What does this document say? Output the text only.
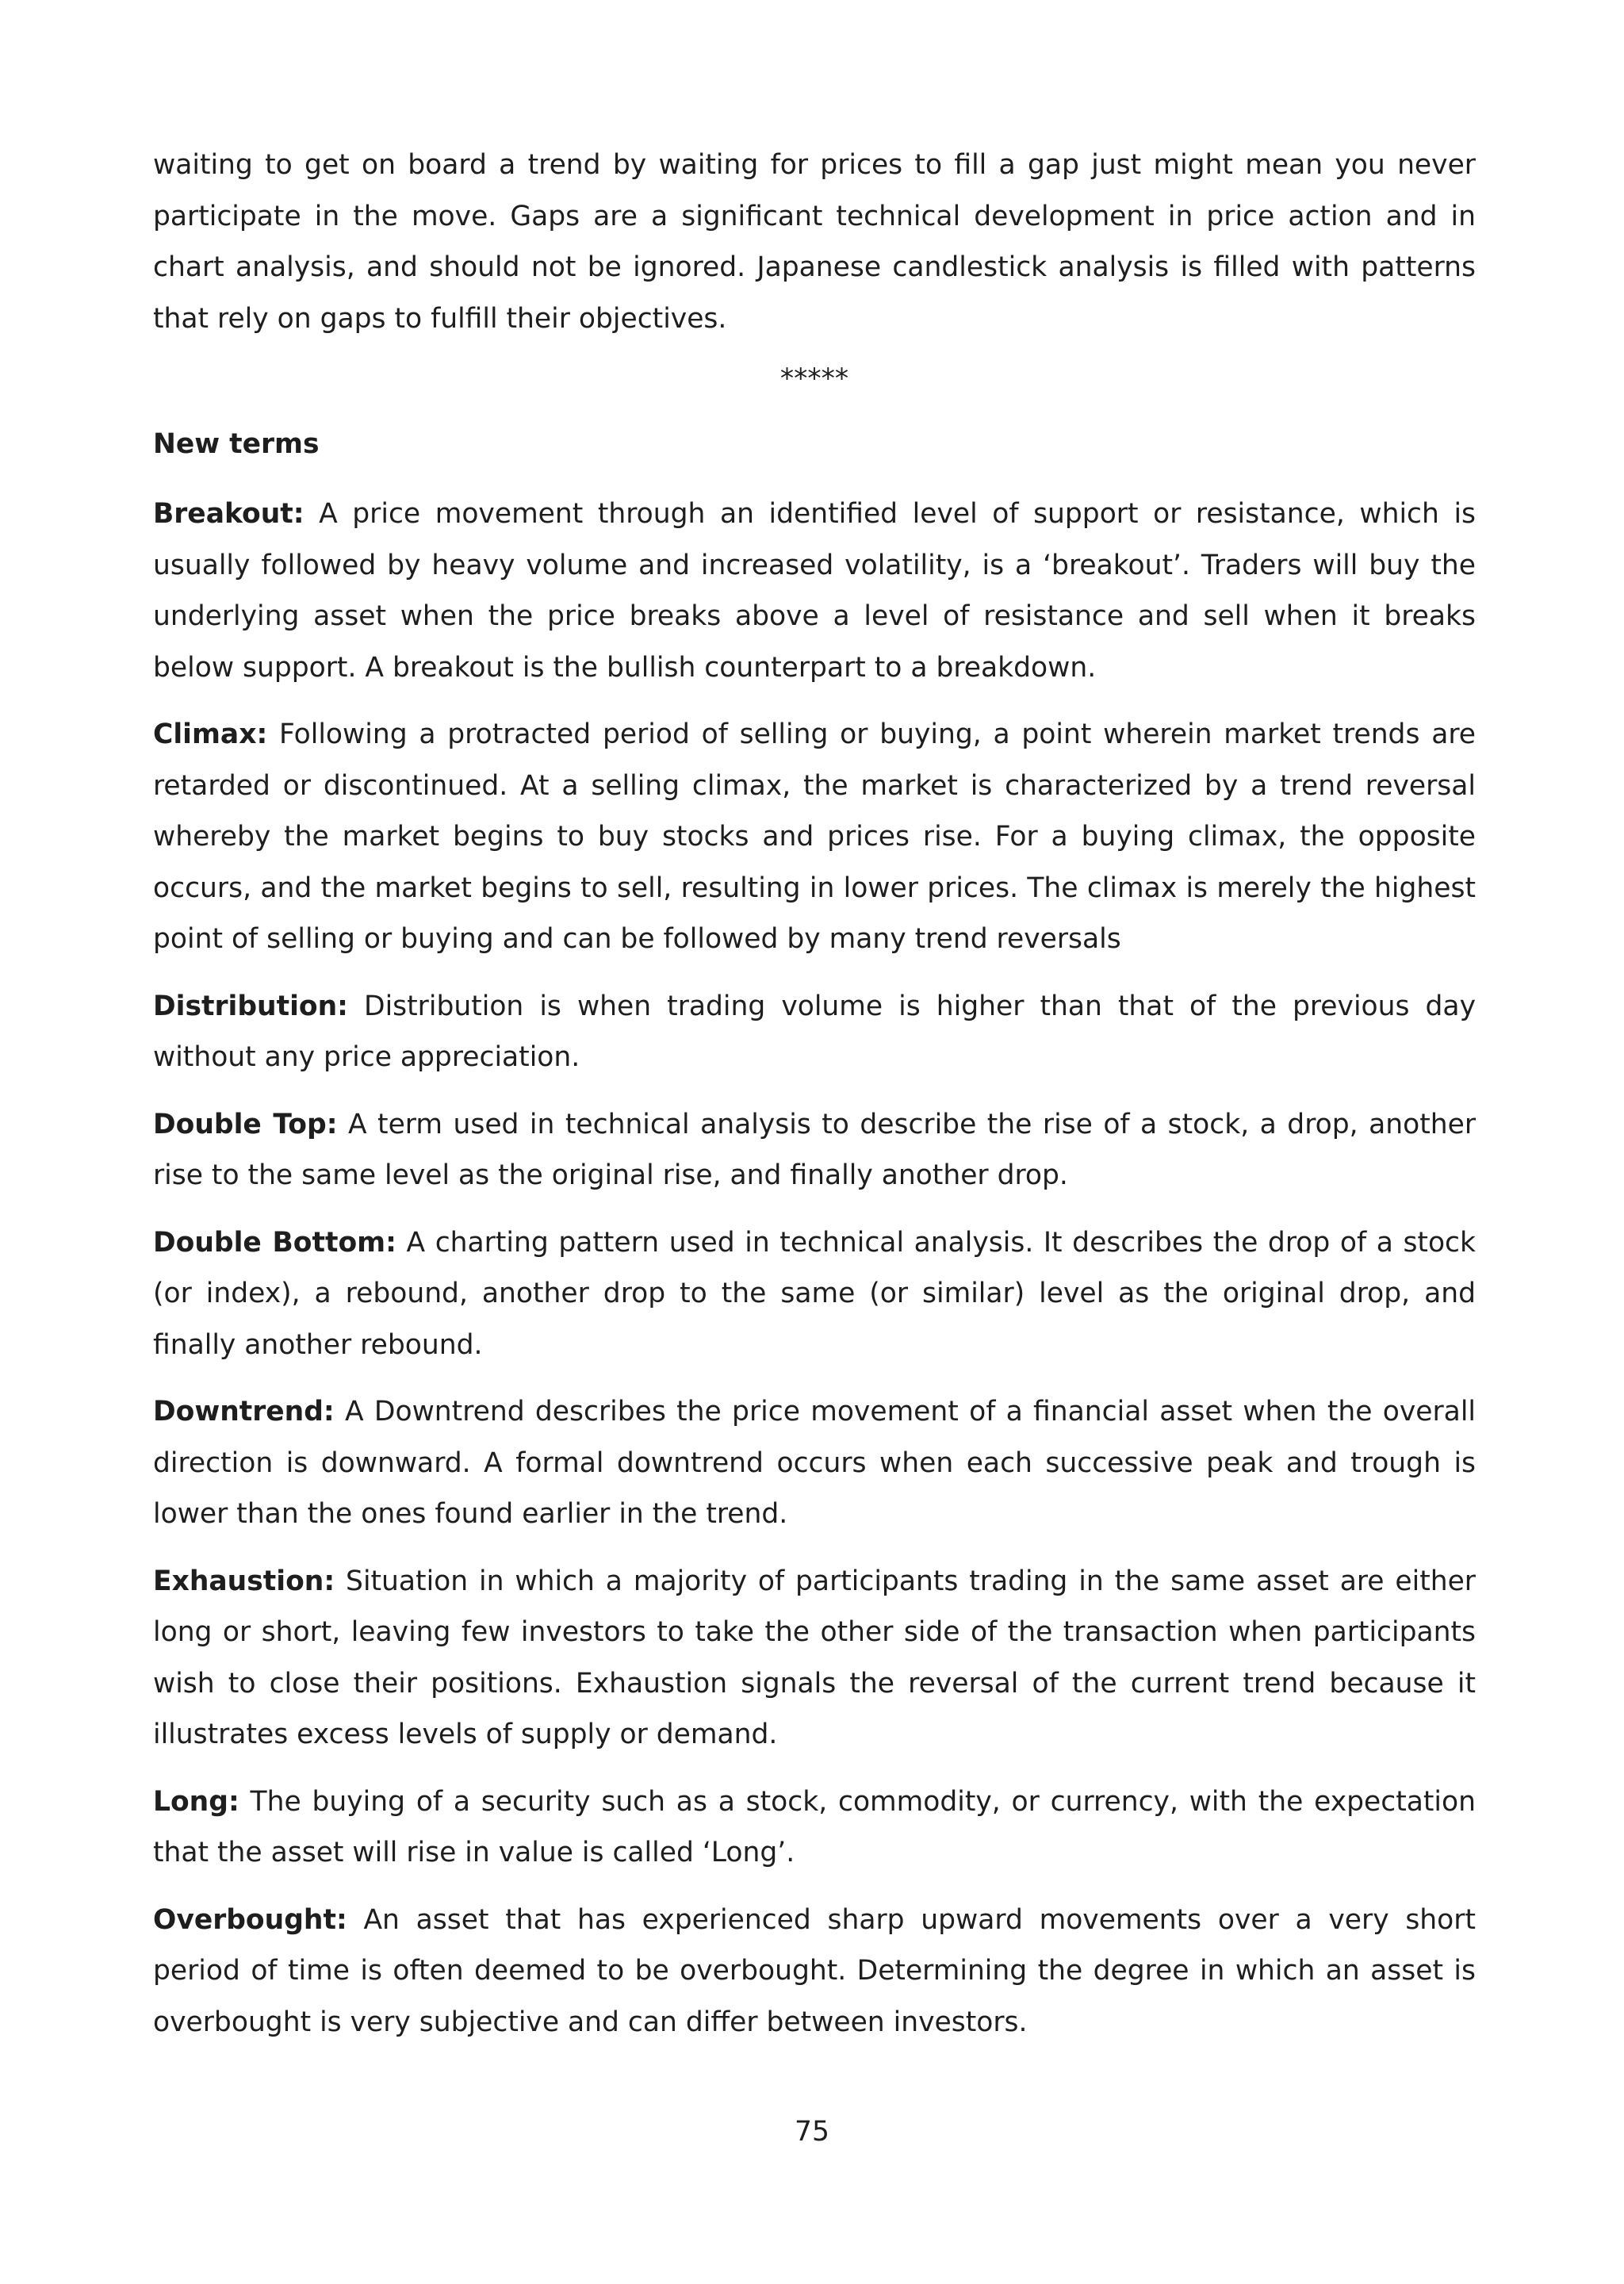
waiting to get on board a trend by waiting for prices to fill a gap just might mean you never participate in the move. Gaps are a significant technical development in price action and in chart analysis, and should not be ignored. Japanese candlestick analysis is filled with patterns that rely on gaps to fulfill their objectives.

*****

New terms

Breakout: A price movement through an identified level of support or resistance, which is usually followed by heavy volume and increased volatility, is a ‘breakout’. Traders will buy the underlying asset when the price breaks above a level of resistance and sell when it breaks below support. A breakout is the bullish counterpart to a breakdown.

Climax: Following a protracted period of selling or buying, a point wherein market trends are retarded or discontinued. At a selling climax, the market is characterized by a trend reversal whereby the market begins to buy stocks and prices rise. For a buying climax, the opposite occurs, and the market begins to sell, resulting in lower prices. The climax is merely the highest point of selling or buying and can be followed by many trend reversals

Distribution: Distribution is when trading volume is higher than that of the previous day without any price appreciation.

Double Top: A term used in technical analysis to describe the rise of a stock, a drop, another rise to the same level as the original rise, and finally another drop.

Double Bottom: A charting pattern used in technical analysis. It describes the drop of a stock (or index), a rebound, another drop to the same (or similar) level as the original drop, and finally another rebound.

Downtrend: A Downtrend describes the price movement of a financial asset when the overall direction is downward. A formal downtrend occurs when each successive peak and trough is lower than the ones found earlier in the trend.

Exhaustion: Situation in which a majority of participants trading in the same asset are either long or short, leaving few investors to take the other side of the transaction when participants wish to close their positions. Exhaustion signals the reversal of the current trend because it illustrates excess levels of supply or demand.

Long: The buying of a security such as a stock, commodity, or currency, with the expectation that the asset will rise in value is called ‘Long’.

Overbought: An asset that has experienced sharp upward movements over a very short period of time is often deemed to be overbought. Determining the degree in which an asset is overbought is very subjective and can differ between investors.

75
